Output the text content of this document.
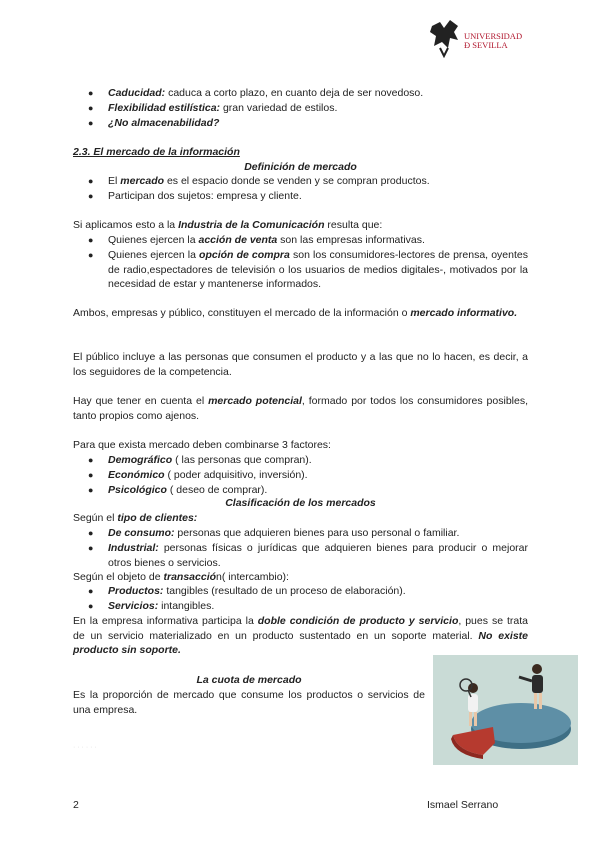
UNIVERSIDAD
Ð SEVILLA
● Caducidad: caduca a corto plazo, en cuanto deja de ser novedoso.
● Flexibilidad estilística: gran variedad de estilos.
● ¿No almacenabilidad?
2.3. El mercado de la información
Definición de mercado
● El mercado es el espacio donde se venden y se compran productos.
● Participan dos sujetos: empresa y cliente.
Si aplicamos esto a la Industria de la Comunicación resulta que:
● Quienes ejercen la acción de venta son las empresas informativas.
● Quienes ejercen la opción de compra son los consumidores-lectores de prensa, oyentes de radio,espectadores de televisión o los usuarios de medios digitales-, motivados por la necesidad de estar y mantenerse informados.
Ambos, empresas y público, constituyen el mercado de la información o mercado informativo.
El público incluye a las personas que consumen el producto y a las que no lo hacen, es decir, a los seguidores de la competencia.
Hay que tener en cuenta el mercado potencial, formado por todos los consumidores posibles, tanto propios como ajenos.
Para que exista mercado deben combinarse 3 factores:
● Demográfico ( las personas que compran).
● Económico ( poder adquisitivo, inversión).
● Psicológico ( deseo de comprar).
Clasificación de los mercados
Según el tipo de clientes:
● De consumo: personas que adquieren bienes para uso personal o familiar.
● Industrial: personas físicas o jurídicas que adquieren bienes para producir o mejorar otros bienes o servicios.
Según el objeto de transacción( intercambio):
● Productos: tangibles (resultado de un proceso de elaboración).
● Servicios: intangibles.
En la empresa informativa participa la doble condición de producto y servicio, pues se trata de un servicio materializado en un producto sustentado en un soporte material. No existe producto sin soporte.
La cuota de mercado
Es la proporción de mercado que consume los productos o servicios de una empresa.
· · · · · ·
2	Ismael Serrano
